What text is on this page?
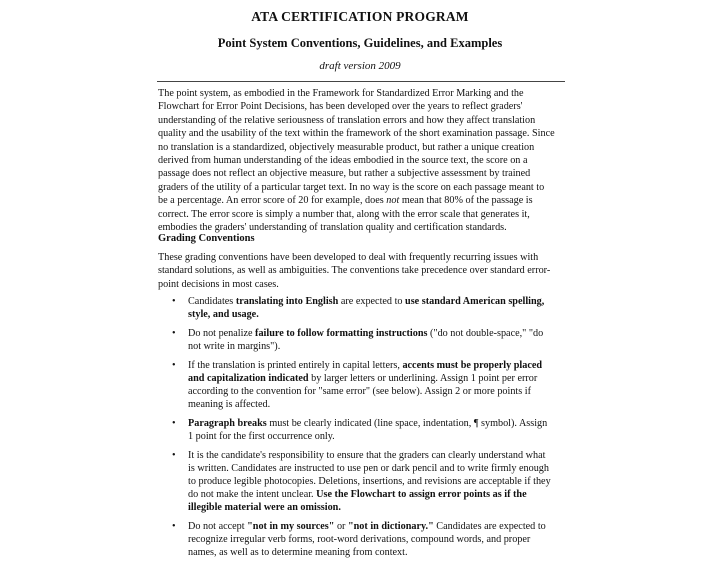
ATA CERTIFICATION PROGRAM
Point System Conventions, Guidelines, and Examples
draft version 2009
The point system, as embodied in the Framework for Standardized Error Marking and the
Flowchart for Error Point Decisions, has been developed over the years to reflect graders'
understanding of the relative seriousness of translation errors and how they affect translation
quality and the usability of the text within the framework of the short examination passage. Since
no translation is a standardized, objectively measurable product, but rather a unique creation
derived from human understanding of the ideas embodied in the source text, the score on a
passage does not reflect an objective measure, but rather a subjective assessment by trained
graders of the utility of a particular target text. In no way is the score on each passage meant to
be a percentage. An error score of 20 for example, does not mean that 80% of the passage is
correct. The error score is simply a number that, along with the error scale that generates it,
embodies the graders' understanding of translation quality and certification standards.
Grading Conventions
These grading conventions have been developed to deal with frequently recurring issues with
standard solutions, as well as ambiguities. The conventions take precedence over standard error-
point decisions in most cases.
• Candidates translating into English are expected to use standard American spelling,
style, and usage.
• Do not penalize failure to follow formatting instructions ("do not double-space," "do
not write in margins").
• If the translation is printed entirely in capital letters, accents must be properly placed
and capitalization indicated by larger letters or underlining. Assign 1 point per error
according to the convention for "same error" (see below). Assign 2 or more points if
meaning is affected.
• Paragraph breaks must be clearly indicated (line space, indentation, ¶ symbol). Assign
1 point for the first occurrence only.
• It is the candidate's responsibility to ensure that the graders can clearly understand what
is written. Candidates are instructed to use pen or dark pencil and to write firmly enough
to produce legible photocopies. Deletions, insertions, and revisions are acceptable if they
do not make the intent unclear. Use the Flowchart to assign error points as if the
illegible material were an omission.
• Do not accept "not in my sources" or "not in dictionary." Candidates are expected to
recognize irregular verb forms, root-word derivations, compound words, and proper
names, as well as to determine meaning from context.
